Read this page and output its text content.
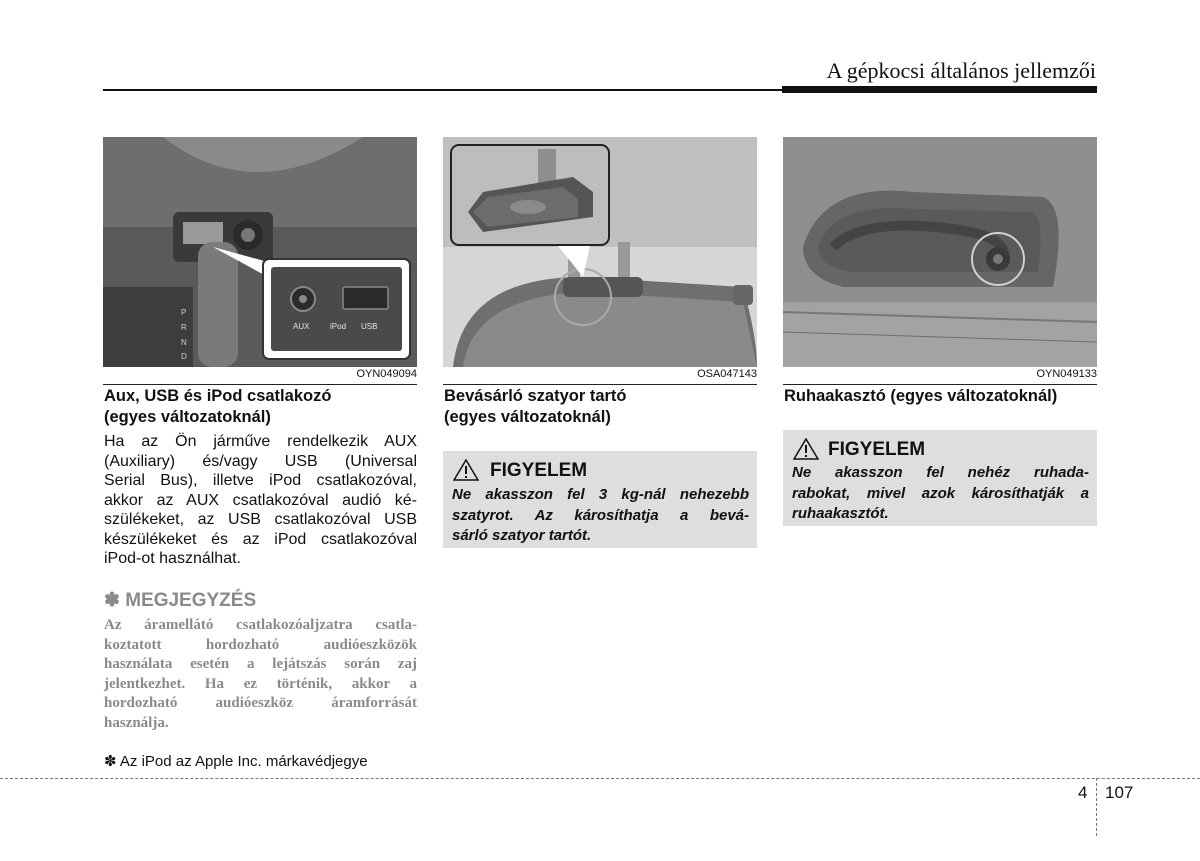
A gépkocsi általános jellemzői
P
R
N
D
AUX	iPod USB
OYN049094
Aux, USB és iPod csatlakozó
(egyes változatoknál)
Ha az Ön járműve rendelkezik AUX
(Auxiliary) és/vagy USB (Universal
Serial Bus), illetve iPod csatlakozóval,
akkor az AUX csatlakozóval audió ké-
szülékeket, az USB csatlakozóval USB
készülékeket és az iPod csatlakozóval
iPod-ot használhat.
✽ MEGJEGYZÉS
Az áramellátó csatlakozóaljzatra csatla-
koztatott hordozható audióeszközök
használata esetén a lejátszás során zaj
jelentkezhet. Ha ez történik, akkor a
hordozható audióeszköz áramforrását
használja.
✽ Az iPod az Apple Inc. márkavédjegye
OSA047143
Bevásárló szatyor tartó
(egyes változatoknál)
FIGYELEM
Ne akasszon fel 3 kg-nál nehezebb
szatyrot. Az károsíthatja a bevá-
sárló szatyor tartót.
OYN049133
Ruhaakasztó (egyes változatoknál)
FIGYELEM
Ne akasszon fel nehéz ruhada-
rabokat, mivel azok károsíthatják a
ruhaakasztót.
4 107
